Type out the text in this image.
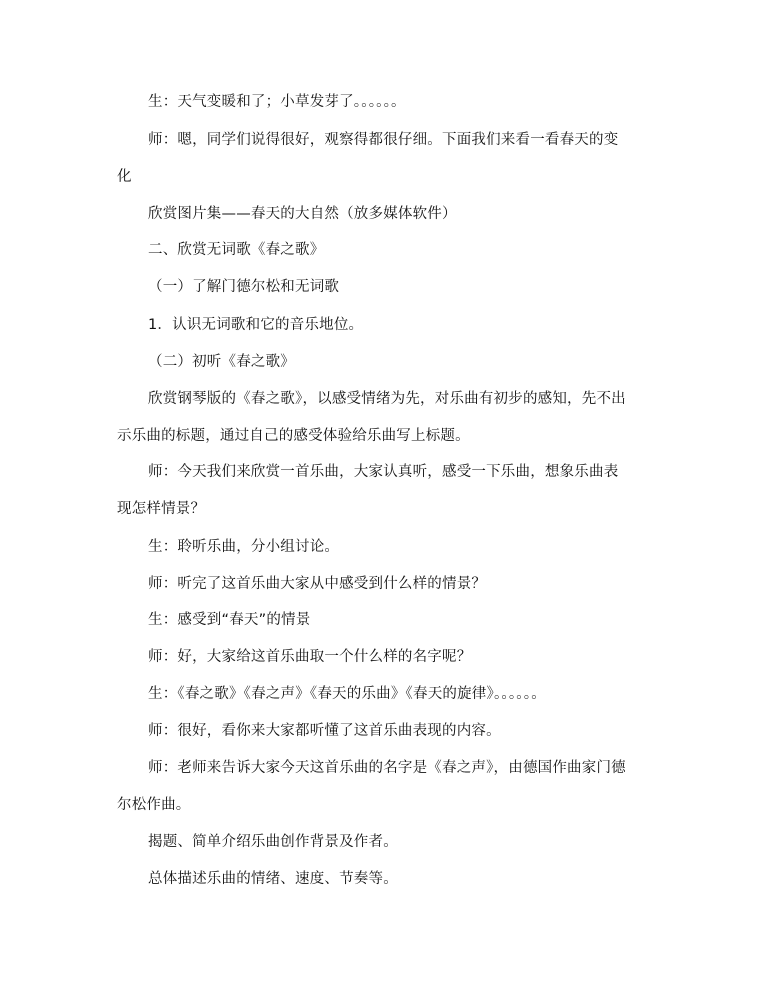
生：天气变暖和了；小草发芽了。。。。。。
师：嗯，同学们说得很好，观察得都很仔细。下面我们来看一看春天的变
化
欣赏图片集——春天的大自然（放多媒体软件）
二、欣赏无词歌《春之歌》
（一）了解门德尔松和无词歌
1．认识无词歌和它的音乐地位。
（二）初听《春之歌》
欣赏钢琴版的《春之歌》，以感受情绪为先，对乐曲有初步的感知，先不出
示乐曲的标题，通过自己的感受体验给乐曲写上标题。
师：今天我们来欣赏一首乐曲，大家认真听，感受一下乐曲，想象乐曲表
现怎样情景？
生：聆听乐曲，分小组讨论。
师：听完了这首乐曲大家从中感受到什么样的情景？
生：感受到“春天”的情景
师：好，大家给这首乐曲取一个什么样的名字呢？
生：《春之歌》《春之声》《春天的乐曲》《春天的旋律》。。。。。。
师：很好，看你来大家都听懂了这首乐曲表现的内容。
师：老师来告诉大家今天这首乐曲的名字是《春之声》，由德国作曲家门德
尔松作曲。
揭题、简单介绍乐曲创作背景及作者。
总体描述乐曲的情绪、速度、节奏等。
